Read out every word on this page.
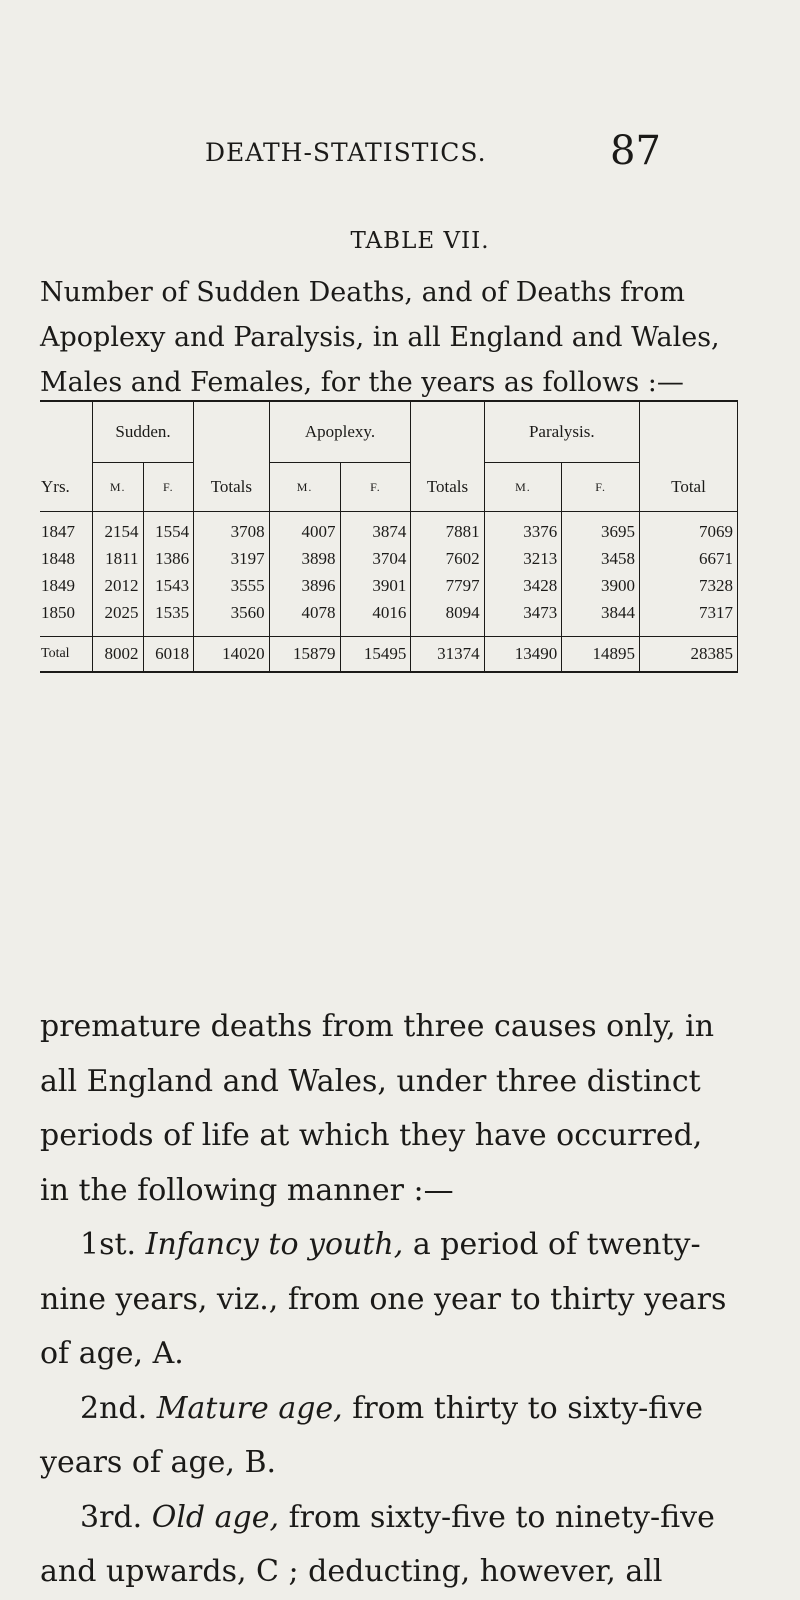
DEATH-STATISTICS.	87
TABLE VII.

Number of Sudden Deaths, and of Deaths from

Apoplexy and Paralysis, in all England and Wales,

Males and Females, for the years as follows :—

	Sudden.			Apoplexy.			Paralysis.		
Yrs.	M.	F.	Totals	M.	F.	Totals	M.	F.	Total
1847	2154	1554	3708	4007	3874	7881	3376	3695	7069
1848	1811	1386	3197	3898	3704	7602	3213	3458	6671
1849	2012	1543	3555	3896	3901	7797	3428	3900	7328
1850	2025	1535	3560	4078	4016	8094	3473	3844	7317
Total	8002	6018	14020	15879	15495	31374	13490	14895	28385

premature deaths from three causes only, in

all England and Wales, under three distinct

periods of life at which they have occurred,

in the following manner :—

1st. Infancy to youth, a period of twenty-

nine years, viz., from one year to thirty years

of age, A.

2nd. Mature age, from thirty to sixty-five

years of age, B.

3rd. Old age, from sixty-five to ninety-five

and upwards, C ; deducting, however, all
